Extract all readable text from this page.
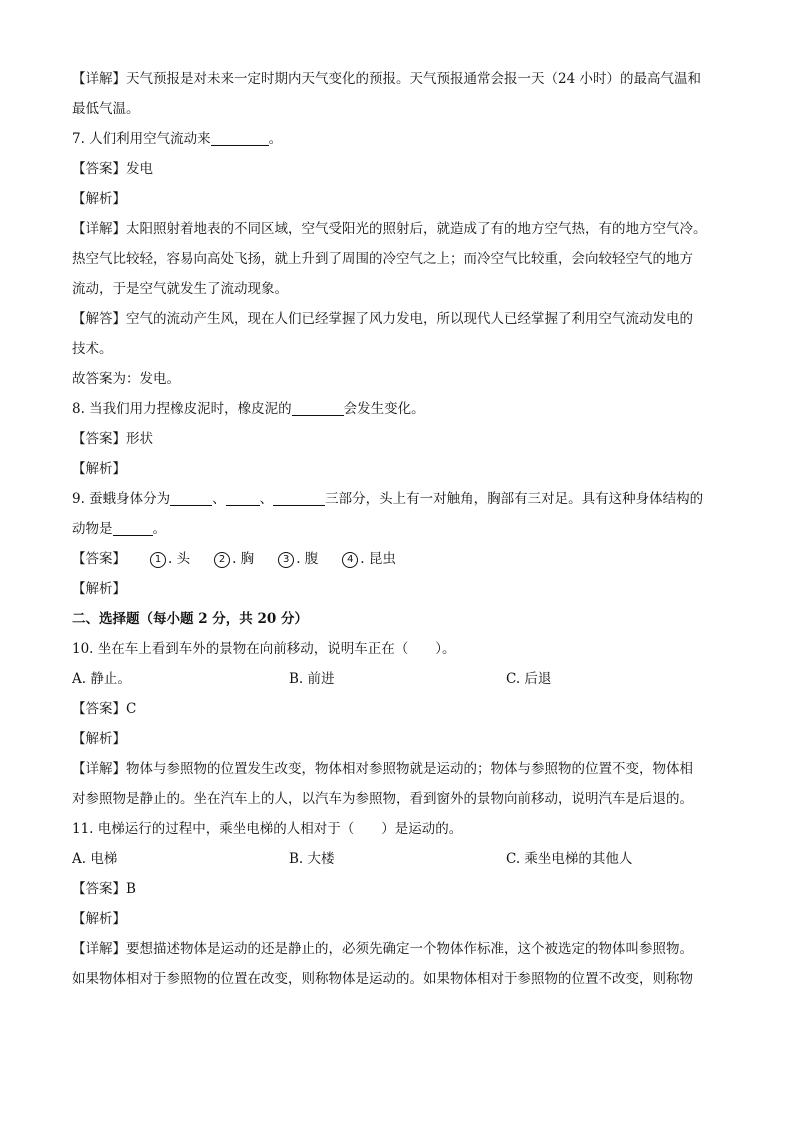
【详解】天气预报是对未来一定时期内天气变化的预报。天气预报通常会报一天（24 小时）的最高气温和

最低气温。

7. 人们利用空气流动来	。

【答案】发电

【解析】

【详解】太阳照射着地表的不同区域，空气受阳光的照射后，就造成了有的地方空气热，有的地方空气冷。

热空气比较轻，容易向高处飞扬，就上升到了周围的冷空气之上；而冷空气比较重，会向较轻空气的地方

流动，于是空气就发生了流动现象。

【解答】空气的流动产生风，现在人们已经掌握了风力发电，所以现代人已经掌握了利用空气流动发电的

技术。

故答案为：发电。

8. 当我们用力捏橡皮泥时，橡皮泥的	会发生变化。

【答案】形状

【解析】

9. 蚕蛾身体分为	、	、	三部分，头上有一对触角，胸部有三对足。具有这种身体结构的

动物是	。

【答案】	1 . 头	2 . 胸	3 . 腹	4 . 昆虫

【解析】

二、选择题（每小题 2 分，共 20 分）

10. 坐在车上看到车外的景物在向前移动，说明车正在（　　）。

A. 静止。	B. 前进	C. 后退

【答案】C

【解析】

【详解】物体与参照物的位置发生改变，物体相对参照物就是运动的；物体与参照物的位置不变，物体相

对参照物是静止的。坐在汽车上的人，以汽车为参照物，看到窗外的景物向前移动，说明汽车是后退的。

11. 电梯运行的过程中，乘坐电梯的人相对于（　　）是运动的。

A. 电梯	B. 大楼	C. 乘坐电梯的其他人

【答案】B

【解析】

【详解】要想描述物体是运动的还是静止的，必须先确定一个物体作标准，这个被选定的物体叫参照物。

如果物体相对于参照物的位置在改变，则称物体是运动的。如果物体相对于参照物的位置不改变，则称物
